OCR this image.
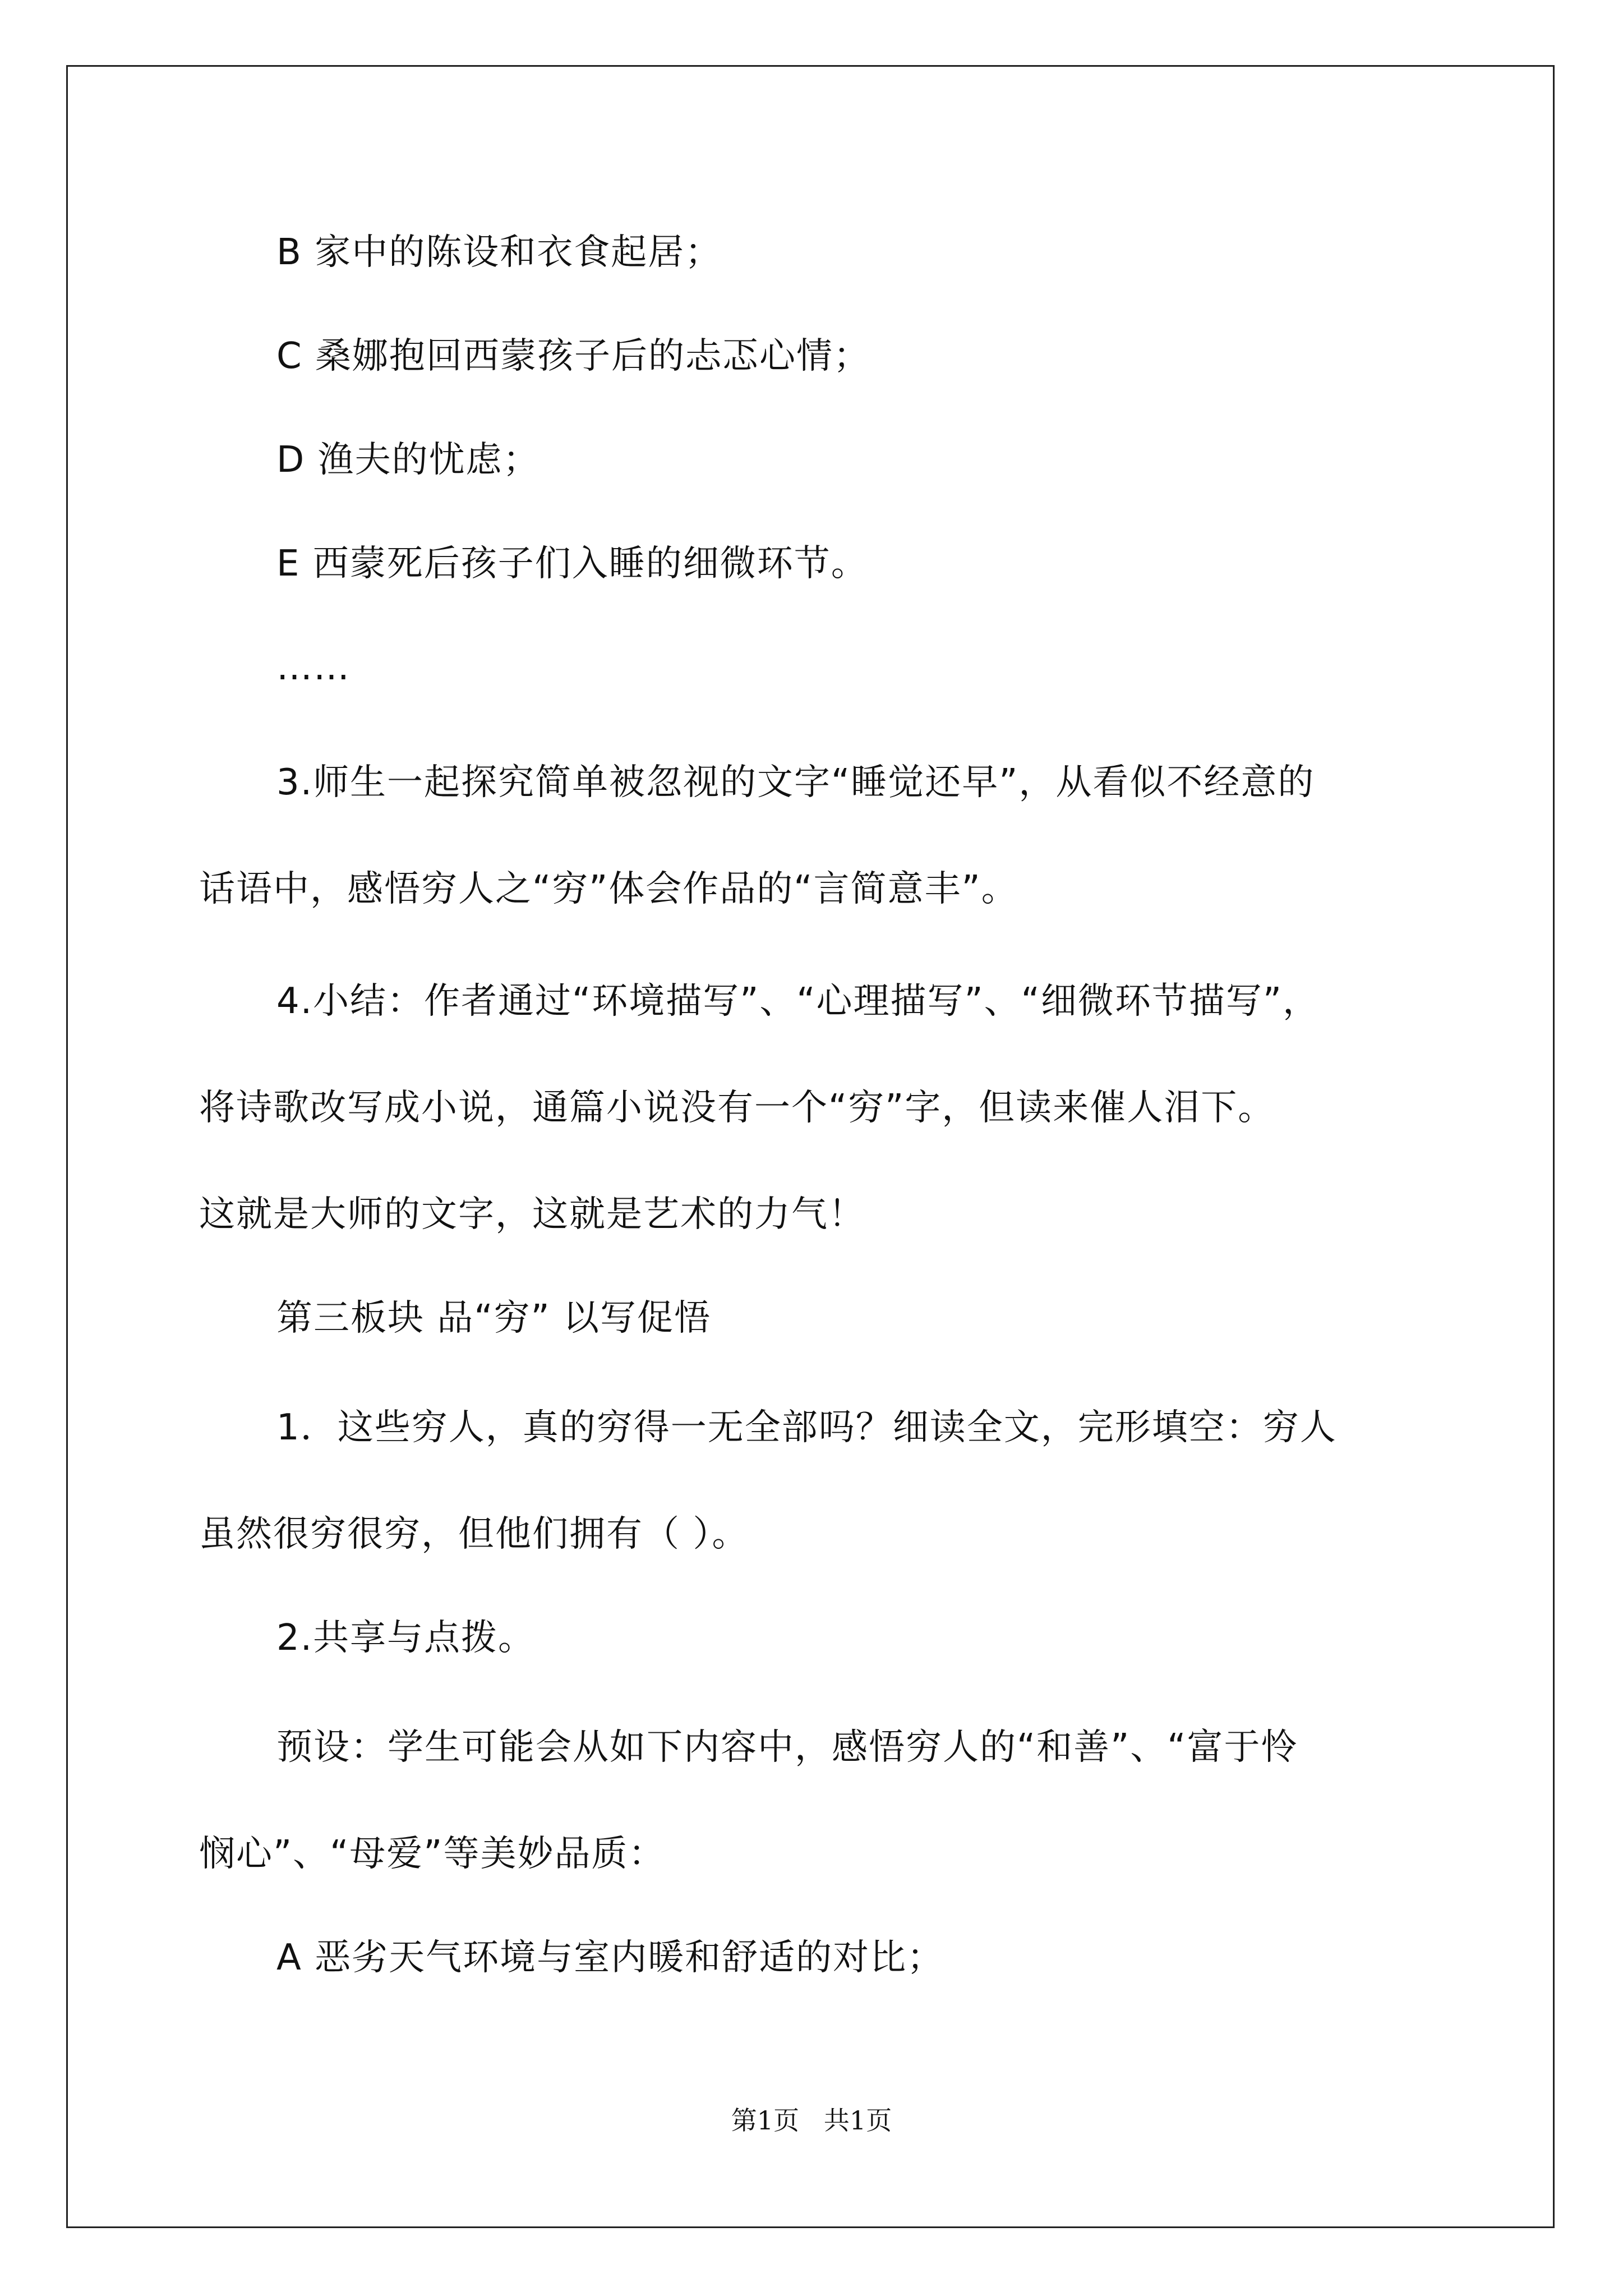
B 家中的陈设和衣食起居；
C 桑娜抱回西蒙孩子后的忐忑心情；
D 渔夫的忧虑；
E 西蒙死后孩子们入睡的细微环节。
……
3.师生一起探究简单被忽视的文字“睡觉还早”，从看似不经意的
话语中，感悟穷人之“穷”体会作品的“言简意丰”。
4.小结：作者通过“环境描写”、“心理描写”、“细微环节描写”，
将诗歌改写成小说，通篇小说没有一个“穷”字，但读来催人泪下。
这就是大师的文字，这就是艺术的力气！
第三板块 品“穷” 以写促悟
1．这些穷人，真的穷得一无全部吗？细读全文，完形填空：穷人
虽然很穷很穷，但他们拥有（ ）。
2.共享与点拨。
预设：学生可能会从如下内容中，感悟穷人的“和善”、“富于怜
悯心”、“母爱”等美妙品质：
A 恶劣天气环境与室内暖和舒适的对比；
第1页   共1页
